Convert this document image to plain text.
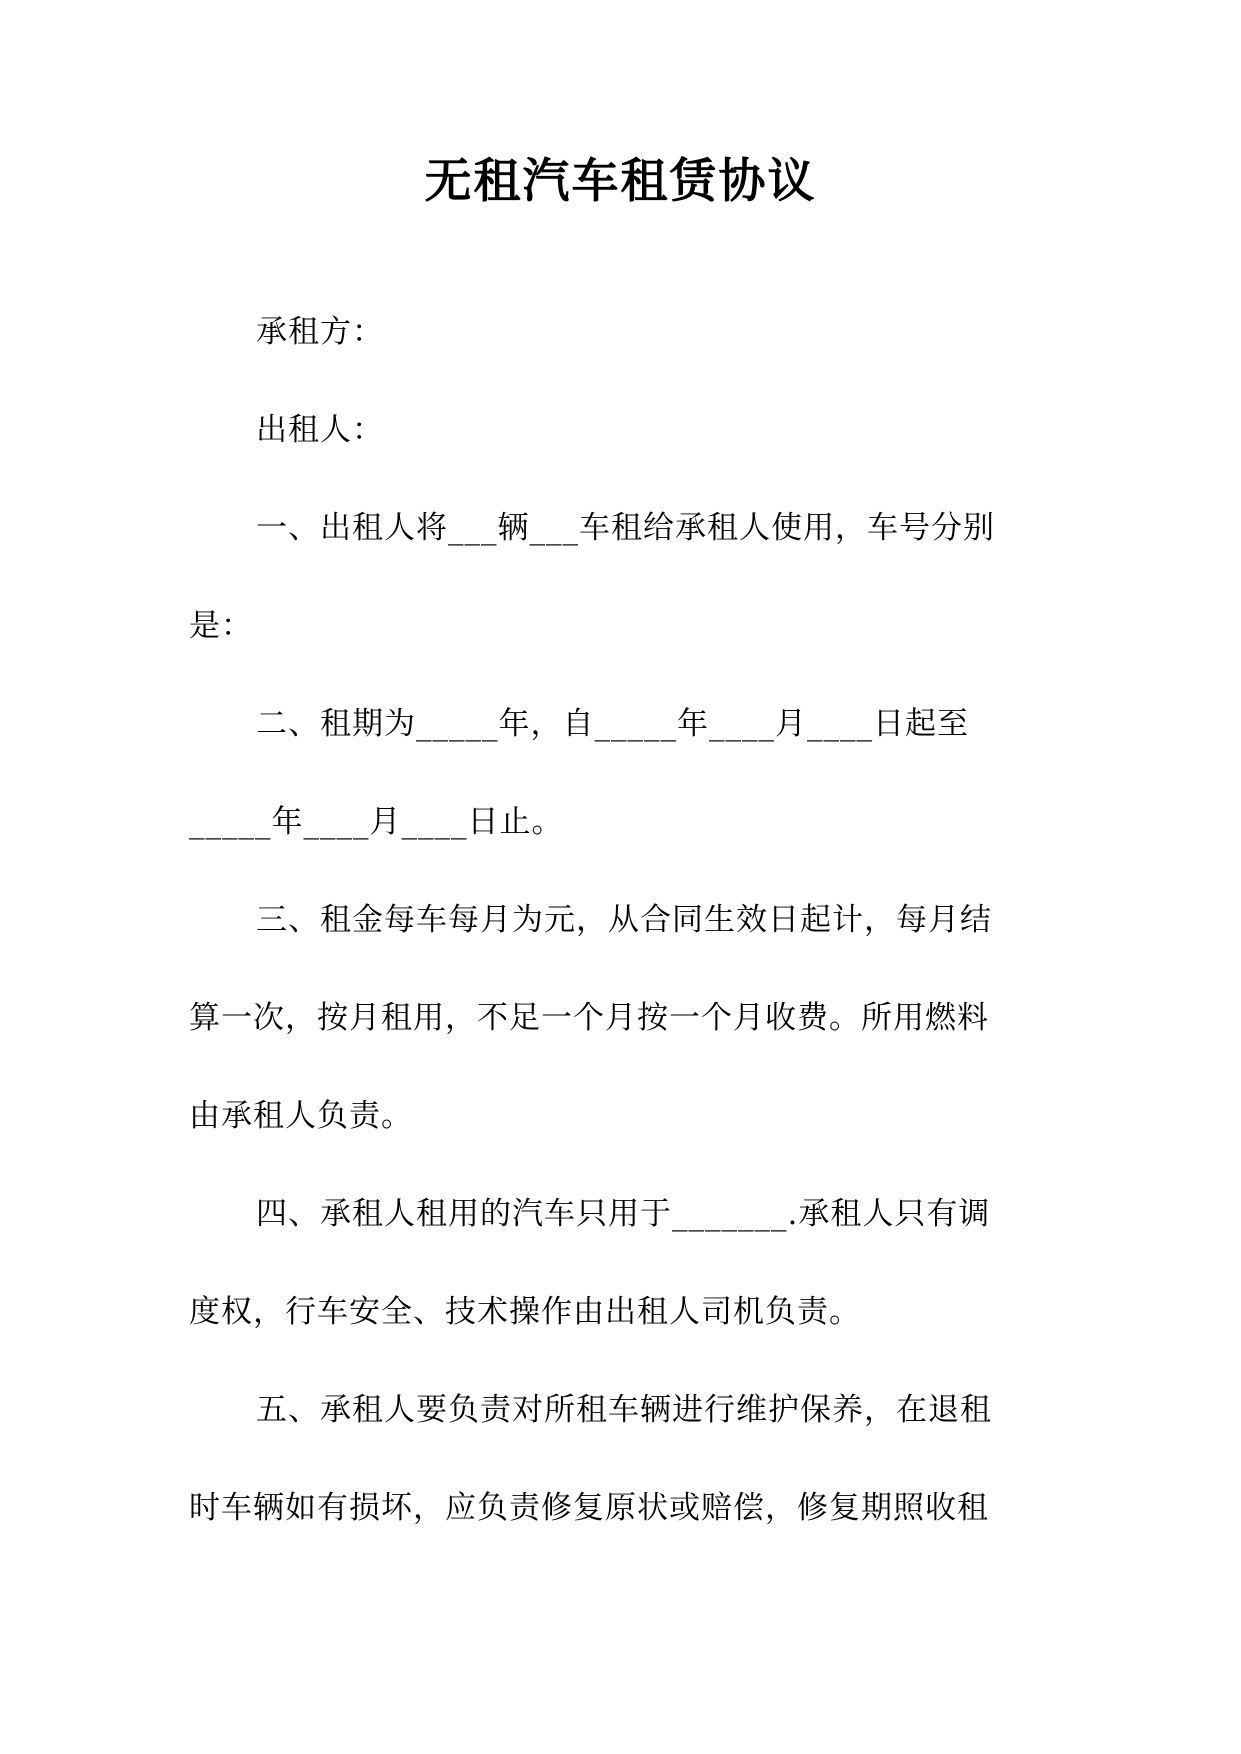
无租汽车租赁协议
承租方：
出租人：
一、出租人将___辆___车租给承租人使用，车号分别
是：
二、租期为_____年，自_____年____月____日起至
_____年____月____日止。
三、租金每车每月为元，从合同生效日起计，每月结
算一次，按月租用，不足一个月按一个月收费。所用燃料
由承租人负责。
四、承租人租用的汽车只用于_______.承租人只有调
度权，行车安全、技术操作由出租人司机负责。
五、承租人要负责对所租车辆进行维护保养，在退租
时车辆如有损坏，应负责修复原状或赔偿，修复期照收租
